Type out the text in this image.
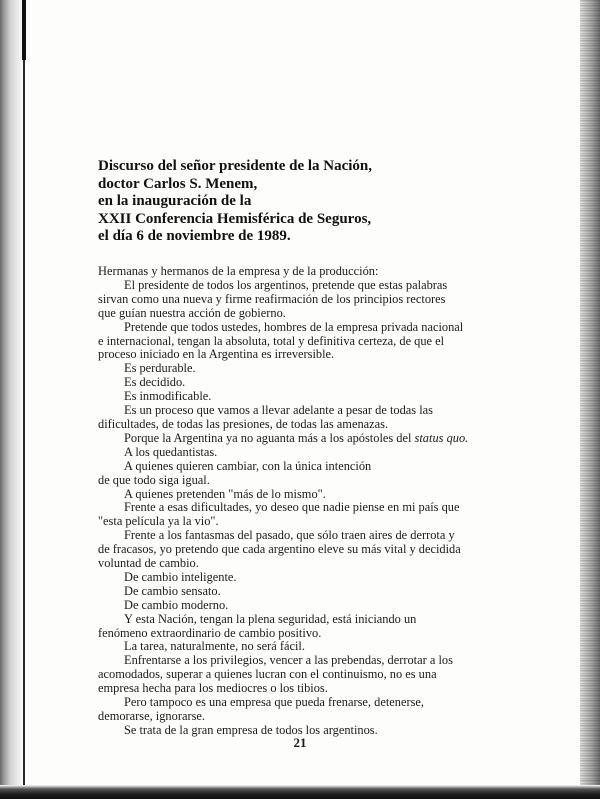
Discurso del señor presidente de la Nación,
doctor Carlos S. Menem,
en la inauguración de la
XXII Conferencia Hemisférica de Seguros,
el día 6 de noviembre de 1989.

Hermanas y hermanos de la empresa y de la producción:

El presidente de todos los argentinos, pretende que estas palabras
sirvan como una nueva y firme reafirmación de los principios rectores
que guían nuestra acción de gobierno.

Pretende que todos ustedes, hombres de la empresa privada nacional
e internacional, tengan la absoluta, total y definitiva certeza, de que el
proceso iniciado en la Argentina es irreversible.

Es perdurable.

Es decidido.

Es inmodificable.

Es un proceso que vamos a llevar adelante a pesar de todas las
dificultades, de todas las presiones, de todas las amenazas.

Porque la Argentina ya no aguanta más a los apóstoles del status quo.

A los quedantistas.

A quienes quieren cambiar, con la única intención
de que todo siga igual.

A quienes pretenden "más de lo mismo".

Frente a esas dificultades, yo deseo que nadie piense en mi país que
"esta película ya la vio".

Frente a los fantasmas del pasado, que sólo traen aires de derrota y
de fracasos, yo pretendo que cada argentino eleve su más vital y decidida
voluntad de cambio.

De cambio inteligente.

De cambio sensato.

De cambio moderno.

Y esta Nación, tengan la plena seguridad, está iniciando un
fenómeno extraordinario de cambio positivo.

La tarea, naturalmente, no será fácil.

Enfrentarse a los privilegios, vencer a las prebendas, derrotar a los
acomodados, superar a quienes lucran con el continuismo, no es una
empresa hecha para los mediocres o los tibios.

Pero tampoco es una empresa que pueda frenarse, detenerse,
demorarse, ignorarse.

Se trata de la gran empresa de todos los argentinos.

21
